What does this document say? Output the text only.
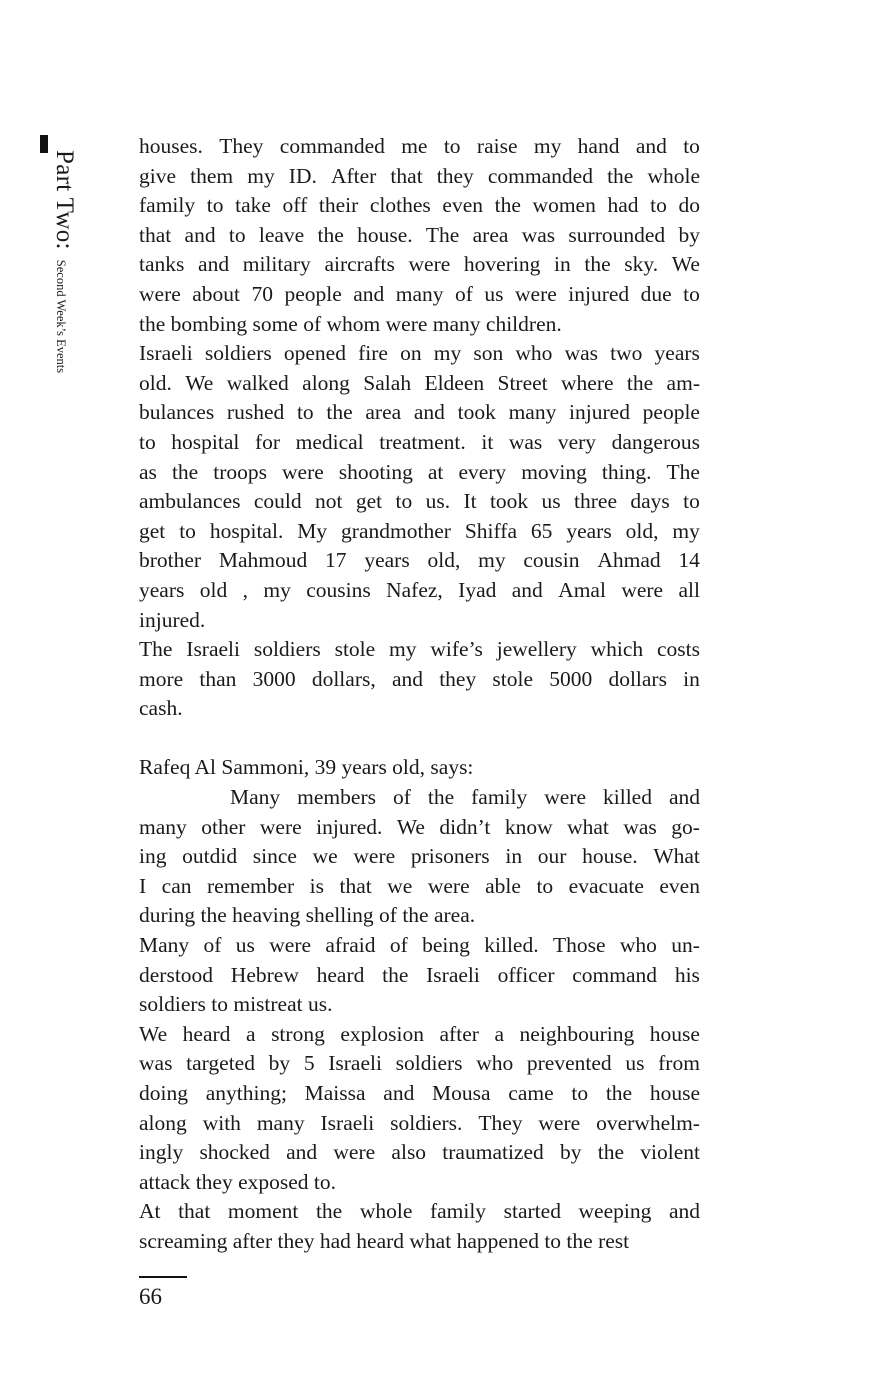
Part Two: Second Week’s Events
houses. They commanded me to raise my hand and to
give them my ID. After that they commanded the whole
family to take off their clothes even the women had to do
that and to leave the house. The area was surrounded by
tanks and military aircrafts were hovering in the sky. We
were about 70 people and many of us were injured due to
the bombing some of whom were many children.
Israeli soldiers opened fire on my son who was two years
old. We walked along Salah Eldeen Street where the am-
bulances rushed to the area and took many injured people
to hospital for medical treatment. it was very dangerous
as the troops were shooting at every moving thing. The
ambulances could not get to us. It took us three days to
get to hospital. My grandmother Shiffa 65 years old, my
brother Mahmoud 17 years old, my cousin Ahmad 14
years old , my cousins Nafez, Iyad and Amal were all
injured.
The Israeli soldiers stole my wife’s jewellery which costs
more than 3000 dollars, and they stole 5000 dollars in
cash.
Rafeq Al Sammoni, 39 years old, says:
Many members of the family were killed and
many other were injured. We didn’t know what was go-
ing outdid since we were prisoners in our house. What
I can remember is that we were able to evacuate even
during the heaving shelling of the area.
Many of us were afraid of being killed. Those who un-
derstood Hebrew heard the Israeli officer command his
soldiers to mistreat us.
We heard a strong explosion after a neighbouring house
was targeted by 5 Israeli soldiers who prevented us from
doing anything; Maissa and Mousa came to the house
along with many Israeli soldiers. They were overwhelm-
ingly shocked and were also traumatized by the violent
attack they exposed to.
At that moment the whole family started weeping and
screaming after they had heard what happened to the rest
66
